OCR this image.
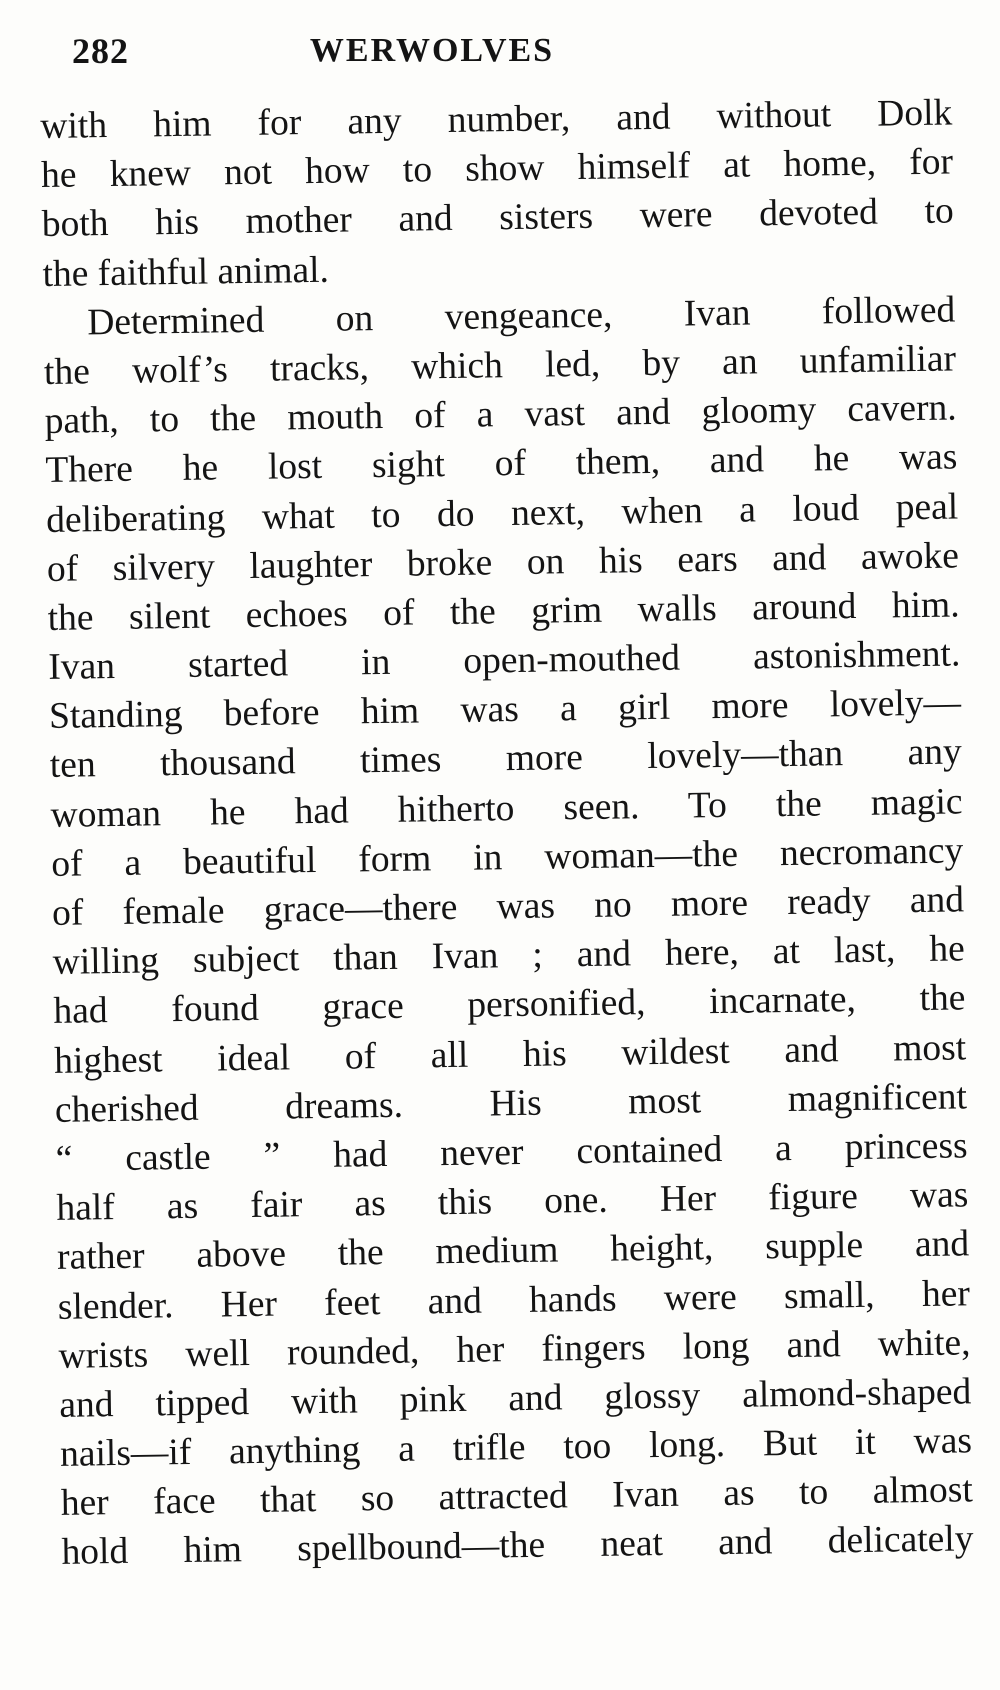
282	WERWOLVES
with him for any number, and without Dolk
he knew not how to show himself at home, for
both his mother and sisters were devoted to
the faithful animal.
Determined on vengeance, Ivan followed
the wolf’s tracks, which led, by an unfamiliar
path, to the mouth of a vast and gloomy cavern.
There he lost sight of them, and he was
deliberating what to do next, when a loud peal
of silvery laughter broke on his ears and awoke
the silent echoes of the grim walls around him.
Ivan started in open-mouthed astonishment.
Standing before him was a girl more lovely—
ten thousand times more lovely—than any
woman he had hitherto seen. To the magic
of a beautiful form in woman—the necromancy
of female grace—there was no more ready and
willing subject than Ivan ; and here, at last, he
had found grace personified, incarnate, the
highest ideal of all his wildest and most
cherished dreams. His most magnificent
“ castle ” had never contained a princess
half as fair as this one. Her figure was
rather above the medium height, supple and
slender. Her feet and hands were small, her
wrists well rounded, her fingers long and white,
and tipped with pink and glossy almond-shaped
nails—if anything a trifle too long. But it was
her face that so attracted Ivan as to almost
hold him spellbound—the neat and delicately
